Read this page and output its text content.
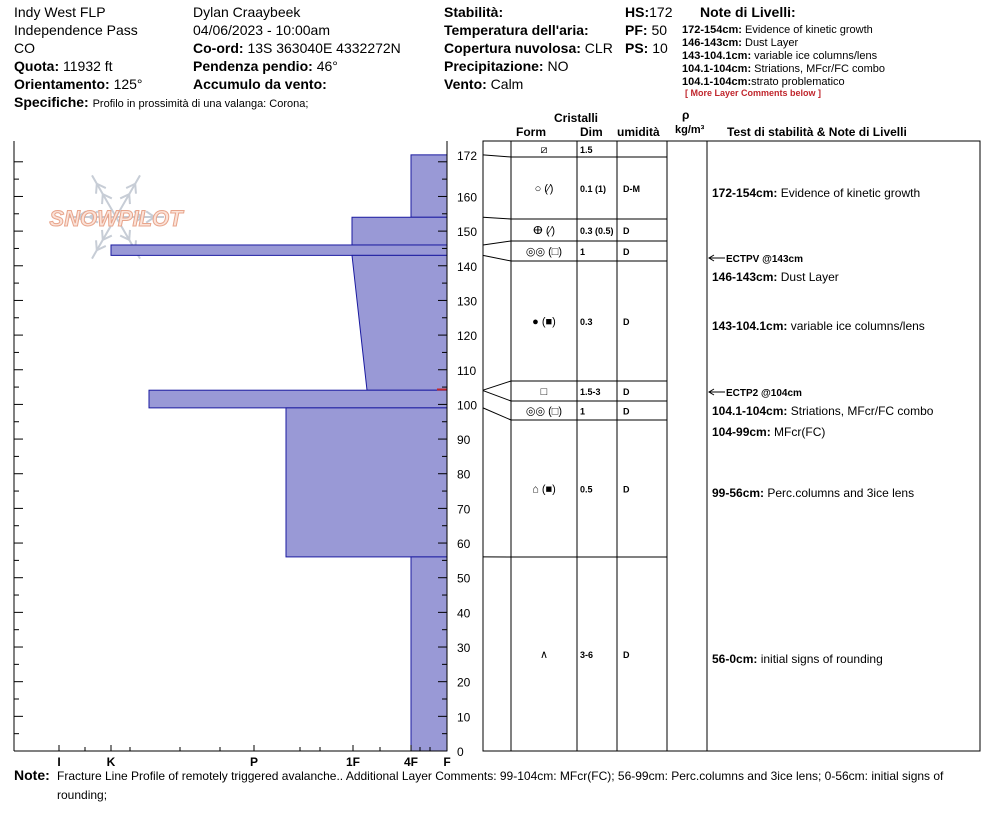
Indy West FLP
Independence Pass
CO
Quota: 11932 ft
Orientamento: 125°
Specifiche: Profilo in prossimità di una valanga: Corona;
Dylan Craaybeek
04/06/2023 - 10:00am
Co-ord: 13S 363040E 4332272N
Pendenza pendio: 46°
Accumulo da vento:
Stabilità:
Temperatura dell'aria:
Copertura nuvolosa: CLR
Precipitazione: NO
Vento: Calm
HS:172
PF: 50
PS: 10
Note di Livelli:
172-154cm: Evidence of kinetic growth
146-143cm: Dust Layer
143-104.1cm: variable ice columns/lens
104.1-104cm: Striations, MFcr/FC combo
104.1-104cm:strato problematico
[ More Layer Comments below ]
Cristalli
Form	Dim umidità
ρ
kg/m³ Test di stabilità & Note di Livelli
SNOWPILOT
172
160
150
140
130
120
110
100
90
80
70
60
50
40
30
20
10
0
I	K	P	1F	4F F
⧄	1.5
○ (⁄)	0.1 (1) D-M
ⴲ (⁄)	0.3 (0.5) D
◎◎ (□) 1	D
● (■)	0.3	D
□	1.5-3 D
◎◎ (□) 1	D
⌂ (■)	0.5	D
∧	3-6	D
172-154cm: Evidence of kinetic growth
ECTPV @143cm
146-143cm: Dust Layer
143-104.1cm: variable ice columns/lens
ECTP2 @104cm
104.1-104cm: Striations, MFcr/FC combo
104-99cm: MFcr(FC)
99-56cm: Perc.columns and 3ice lens
56-0cm: initial signs of rounding
Note: Fracture Line Profile of remotely triggered avalanche.. Additional Layer Comments: 99-104cm: MFcr(FC); 56-99cm: Perc.columns and 3ice lens; 0-56cm: initial signs of
rounding;
